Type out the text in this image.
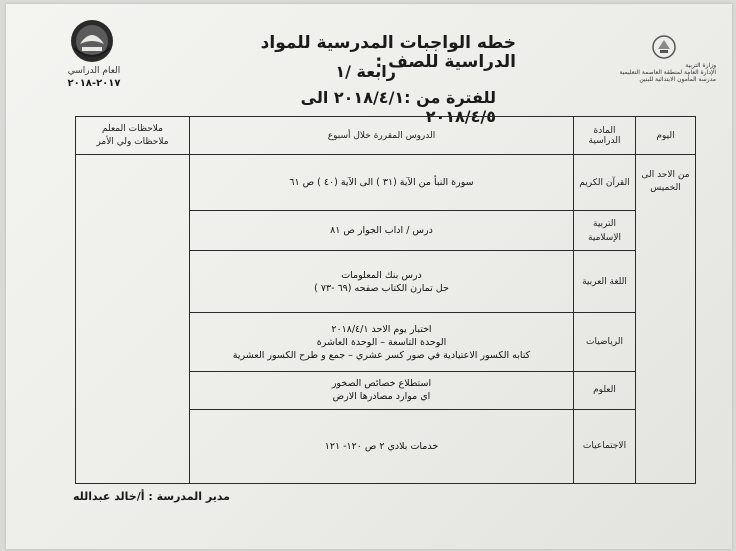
العام الدراسي
٢٠١٧-٢٠١٨
وزارة التربية
الإدارة العامة لمنطقة العاصمة التعليمية
مدرسة المأمون الابتدائية للبنين
خطه الواجبات المدرسية للمواد الدراسية للصف :
رابعة /١
للفترة من :٢٠١٨/٤/١ الى ٢٠١٨/٤/٥
اليوم	المادة الدراسية	الدروس المقررة خلال أسبوع	ملاحظات المعلم
ملاحظات ولي الأمر

من الاحد الى الخميس	القرآن الكريم	سورة النبأ من الآية (٣١ ) الى الآية (٤٠ ) ص ٦١	

	التربية الإسلامية	درس / اداب الجوار ص ٨١	

	اللغة العربية	درس بنك المعلومات
حل تمارن الكتاب صفحه (٦٩ -٧٣ )	

	الرياضيات	اختبار يوم الاحد ٢٠١٨/٤/١
الوحدة التاسعة – الوحدة العاشرة
كتابه الكسور الاعتيادية في صور كسر عشري – جمع و طرح الكسور العشرية	

	العلوم	استطلاع خصائص الصخور
اي موارد مصادرها الارض	

	الاجتماعيات	خدمات بلادي ٢ ص ١٢٠- ١٢١	
مدير المدرسة : أ/خالد عبدالله
